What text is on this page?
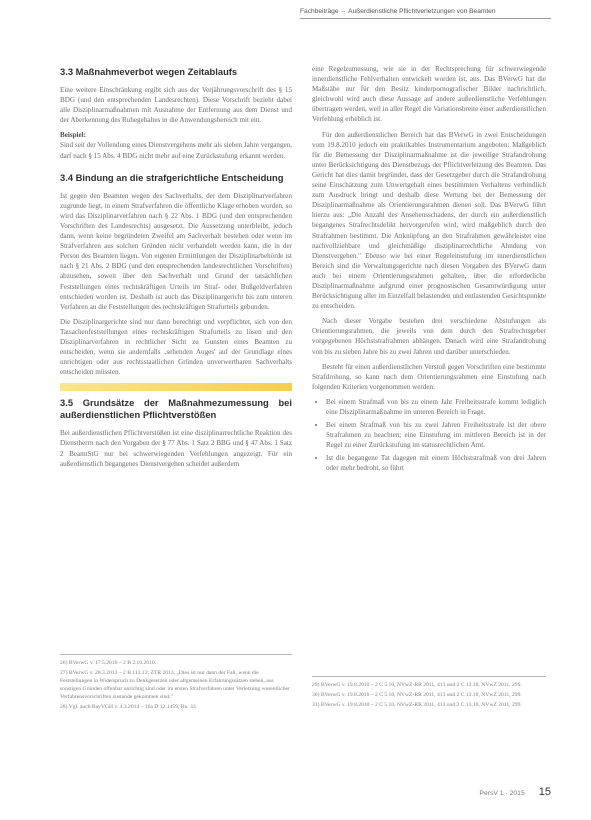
Fachbeiträge – Außerdienstliche Pflichtverletzungen von Beamten
3.3 Maßnahmeverbot wegen Zeitablaufs

Eine weitere Einschränkung ergibt sich aus der Verjährungsvorschrift des § 15 BDG (und den entsprechenden Landesrechten). Diese Vorschrift bezieht dabei alle Disziplinarmaßnahmen mit Ausnahme der Entfernung aus dem Dienst und der Aberkennung des Ruhegehaltes in die Anwendungsbereich mit ein.

Beispiel:
Sind seit der Vollendung eines Dienstvergehens mehr als sieben Jahre vergangen, darf nach § 15 Abs. 4 BDG nicht mehr auf eine Zurückstufung erkannt werden.

3.4 Bindung an die strafgerichtliche Entscheidung

Ist gegen den Beamten wegen des Sachverhalts, der dem Disziplinarverfahren zugrunde liegt, in einem Strafverfahren die öffentliche Klage erhoben worden, so wird das Disziplinarverfahren nach § 22 Abs. 1 BDG (und den entsprechenden Vorschriften des Landesrechts) ausgesetzt. Die Aussetzung unterbleibt, jedoch dann, wenn keine begründeten Zweifel am Sachverhalt bestehen oder wenn im Strafverfahren aus solchen Gründen nicht verhandelt werden kann, die in der Person des Beamten liegen. Von eigenen Ermittlungen der Disziplinarbehörde ist nach § 21 Abs. 2 BDG (und den entsprechenden landesrechtlichen Vorschriften) abzusehen, soweit über den Sachverhalt und Grund der tatsächlichen Feststellungen eines rechtskräftigen Urteils im Straf- oder Bußgeldverfahren entschieden worden ist. Deshalb ist auch das Disziplinargericht bis zum unteren Verfahren an die Feststellungen des rechtskräftigen Strafurteils gebunden.

Die Disziplinargerichte sind nur dann berechtigt und verpflichtet, sich von den Tatsachenfeststellungen eines rechtskräftigen Strafurteils zu lösen und den Disziplinarverfahren in rechtlicher Sicht zu Gunsten eines Beamten zu entscheiden, wenn sie andernfalls ‚sehenden Auges' auf der Grundlage eines unrichtigen oder aus rechtsstaatlichen Gründen unverwertbaren Sachverhalts entscheiden müssten.

3.5 Grundsätze der Maßnahmezumessung bei außerdienstlichen Pflichtverstößen

Bei außerdienstlichen Pflichtverstößen ist eine disziplinarrechtliche Reaktion des Dienstherrn nach den Vorgaben der § 77 Abs. 1 Satz 2 BBG und § 47 Abs. 1 Satz 2 BeamtStG nur bei schwerwiegenden Verfehlungen angezeigt. Für ein außerdienstlich begangenes Dienstvergehen scheidet außerdem

eine Regelzumessung, wie sie in der Rechtsprechung für schwerwiegende innerdienstliche Fehlverhalten entwickelt worden ist, aus. Das BVerwG hat die Maßstäbe nur für den Besitz kinderpornografischer Bilder nachrichtlich, gleichwohl wird auch diese Aussage auf andere außerdienstliche Verfehlungen übertragen werden, weil in aller Regel die Variationsbreite einer außerdienstlichen Verfehlung erheblich ist.

Für den außerdienstlichen Bereich hat das BVerwG in zwei Entscheidungen vom 19.8.2010 jedoch ein praktikables Instrumentarium angeboten: Maßgeblich für die Bemessung der Disziplinarmaßnahme ist die jeweilige Strafandrohung unter Berücksichtigung des Dienstbezugs der Pflichtverletzung des Beamten. Das Gericht hat dies damit begründet, dass der Gesetzgeber durch die Strafandrohung seine Einschätzung zum Unwertgehalt eines bestimmten Verhaltens verbindlich zum Ausdruck bringt und deshalb diese Wertung bei der Bemessung der Disziplinarmaßnahme als Orientierungsrahmen dienen soll. Das BVerwG führt hierzu aus: „Die Anzahl des Ansehensschadens, der durch ein außerdienstlich begangenes Strafrechtsdelikt hervorgerufen wird, wird maßgeblich durch den Strafrahmen bestimmt. Die Anknüpfung an den Strafrahmen gewährleistet eine nachvollziehbare und gleichmäßige disziplinarrechtliche Ahndung von Dienstvergehen." Ebenso wie bei einer Regeleinstufung im innerdienstlichen Bereich sind die Verwaltungsgerichte nach diesen Vorgaben des BVerwG dann auch bei einem Orientierungsrahmen gehalten, über die erforderliche Disziplinarmaßnahme aufgrund einer prognostischen Gesamtwürdigung unter Berücksichtigung aller im Einzelfall belastenden und entlastenden Gesichtspunkte zu entscheiden.

Nach dieser Vorgabe bestehen drei verschiedene Abstufungen als Orientierungsrahmen, die jeweils von dem durch den Strafrechtsgeber vorgegebenen Höchststrafrahmen abhängen. Danach wird eine Strafandrohung von bis zu sieben Jahre bis zu zwei Jahren und darüber unterschieden.

Besteht für einen außerdienstlichen Verstoß gegen Vorschriften eine bestimmte Strafdrohung, so kann nach dem Orientierungsrahmen eine Einstufung nach folgenden Kriterien vorgenommen werden:

• Bei einem Strafmaß von bis zu einem Jahr Freiheitsstrafe kommt lediglich eine Disziplinarmaßnahme im unteren Bereich in Frage.
• Bei einem Strafmaß von bis zu zwei Jahren Freiheitsstrafe ist der obere Strafrahmen zu beachten; eine Einstufung im mittleren Bereich ist in der Regel zu einer Zurückstufung im statusrechtlichen Amt.
• Ist die begangene Tat dagegen mit einem Höchststrafmaß von drei Jahren oder mehr bedroht, so führt
26) BVerwG v. 17.5.2010 – 2 B 2.10.2010.
27) BVerwG v. 28.3.2013 – 2 B 113.12; ZTR 2013, „Dies ist nur dann der Fall, wenn die Feststellungen in Widerspruch zu Denkgesetzen oder allgemeinen Erfahrungssätzen stehen, aus sonstigen Gründen offenbar unrichtig sind oder im ersten Strafverfahren unter Verletzung wesentlicher Verfahrensvorschriften zustande gekommen sind."
28) Vgl. auch BayVGH v. 4.3.2014 – 16a D 12.1459, Rn. 33.
29) BVerwG v. 19.8.2010 – 2 C 5.10, NVwZ-RR 2011, 413 und 2 C 13.10, NVwZ 2011, 299.
30) BVerwG v. 19.8.2010 – 2 C 5.10, NVwZ-RR 2011, 413 und 2 C 13.10, NVwZ 2011, 299.
31) BVerwG v. 19.8.2010 – 2 C 5.10, NVwZ-RR 2011, 413 und 2 C 13.10, NVwZ 2011, 299.
PersV 1 · 2015 15
